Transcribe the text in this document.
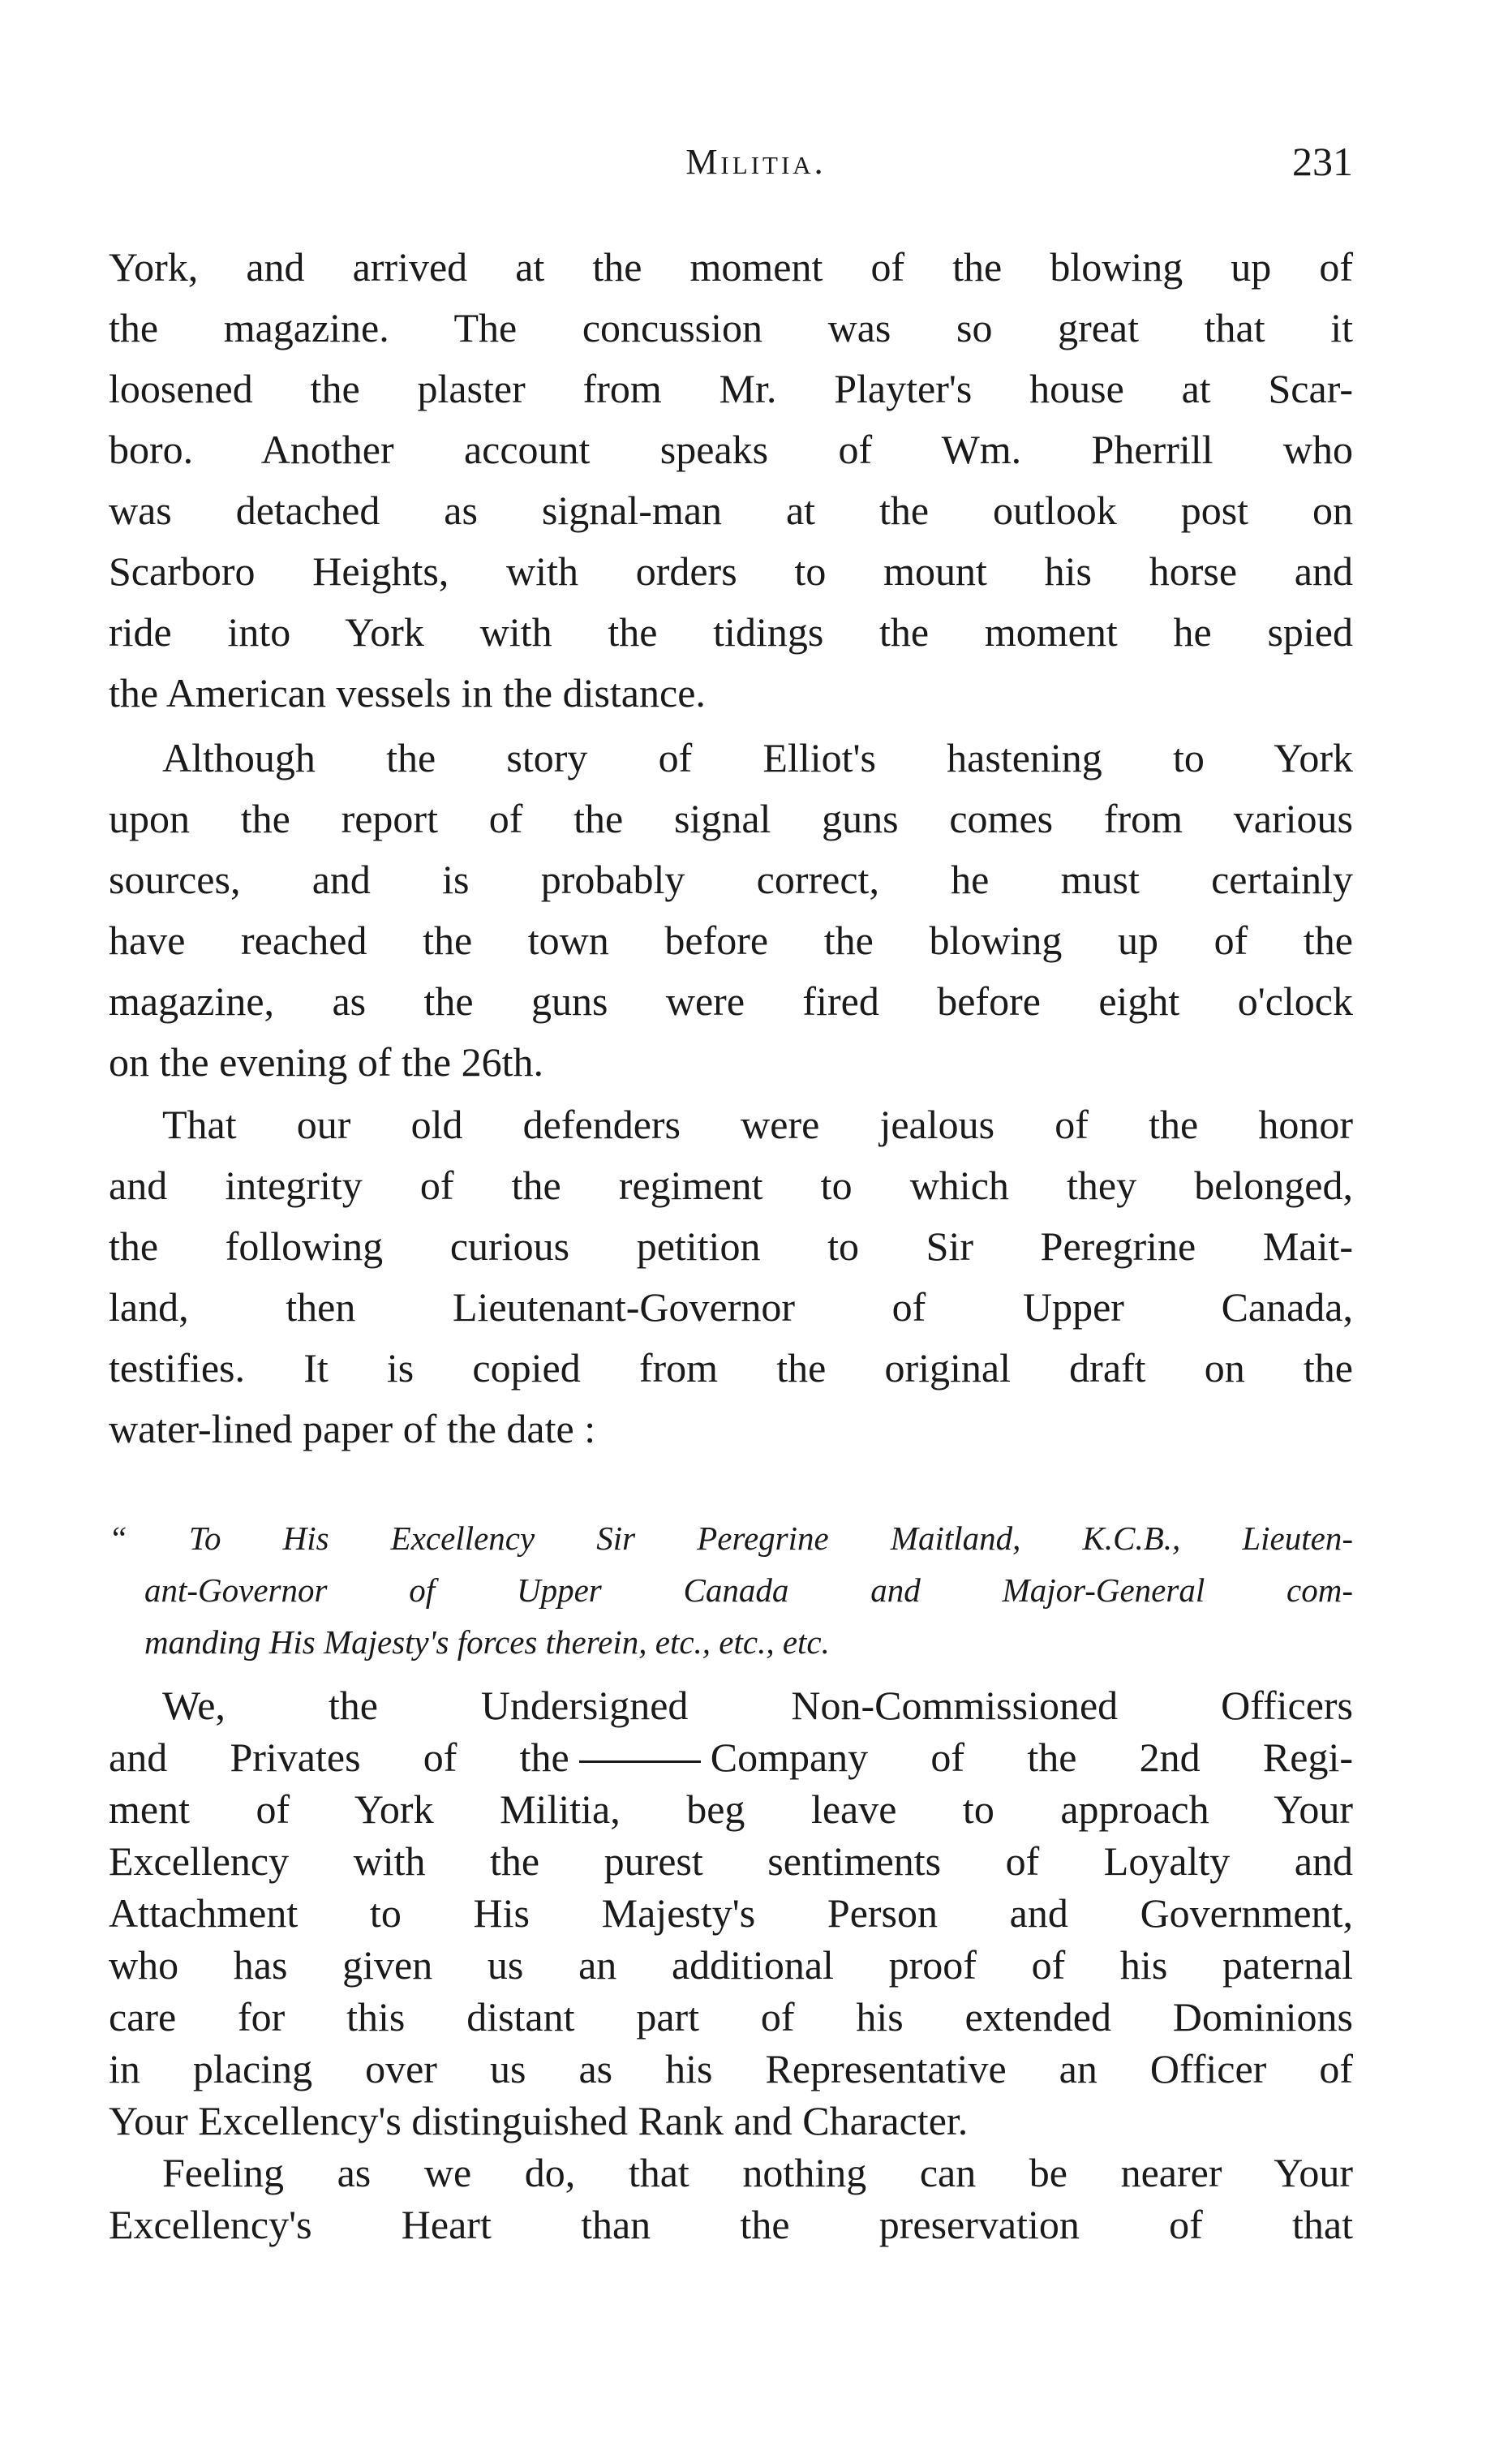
Militia.	231
York, and arrived at the moment of the blowing up of
the magazine. The concussion was so great that it
loosened the plaster from Mr. Playter's house at Scar-
boro. Another account speaks of Wm. Pherrill who
was detached as signal-man at the outlook post on
Scarboro Heights, with orders to mount his horse and
ride into York with the tidings the moment he spied
the American vessels in the distance.
Although the story of Elliot's hastening to York
upon the report of the signal guns comes from various
sources, and is probably correct, he must certainly
have reached the town before the blowing up of the
magazine, as the guns were fired before eight o'clock
on the evening of the 26th.
That our old defenders were jealous of the honor
and integrity of the regiment to which they belonged,
the following curious petition to Sir Peregrine Mait-
land, then Lieutenant-Governor of Upper Canada,
testifies. It is copied from the original draft on the
water-lined paper of the date :
“ To His Excellency Sir Peregrine Maitland, K.C.B., Lieuten-
ant-Governor of Upper Canada and Major-General com-
manding His Majesty's forces therein, etc., etc., etc.
We, the Undersigned Non-Commissioned Officers
and Privates of the	Company of the 2nd Regi-
ment of York Militia, beg leave to approach Your
Excellency with the purest sentiments of Loyalty and
Attachment to His Majesty's Person and Government,
who has given us an additional proof of his paternal
care for this distant part of his extended Dominions
in placing over us as his Representative an Officer of
Your Excellency's distinguished Rank and Character.
Feeling as we do, that nothing can be nearer Your
Excellency's Heart than the preservation of that
